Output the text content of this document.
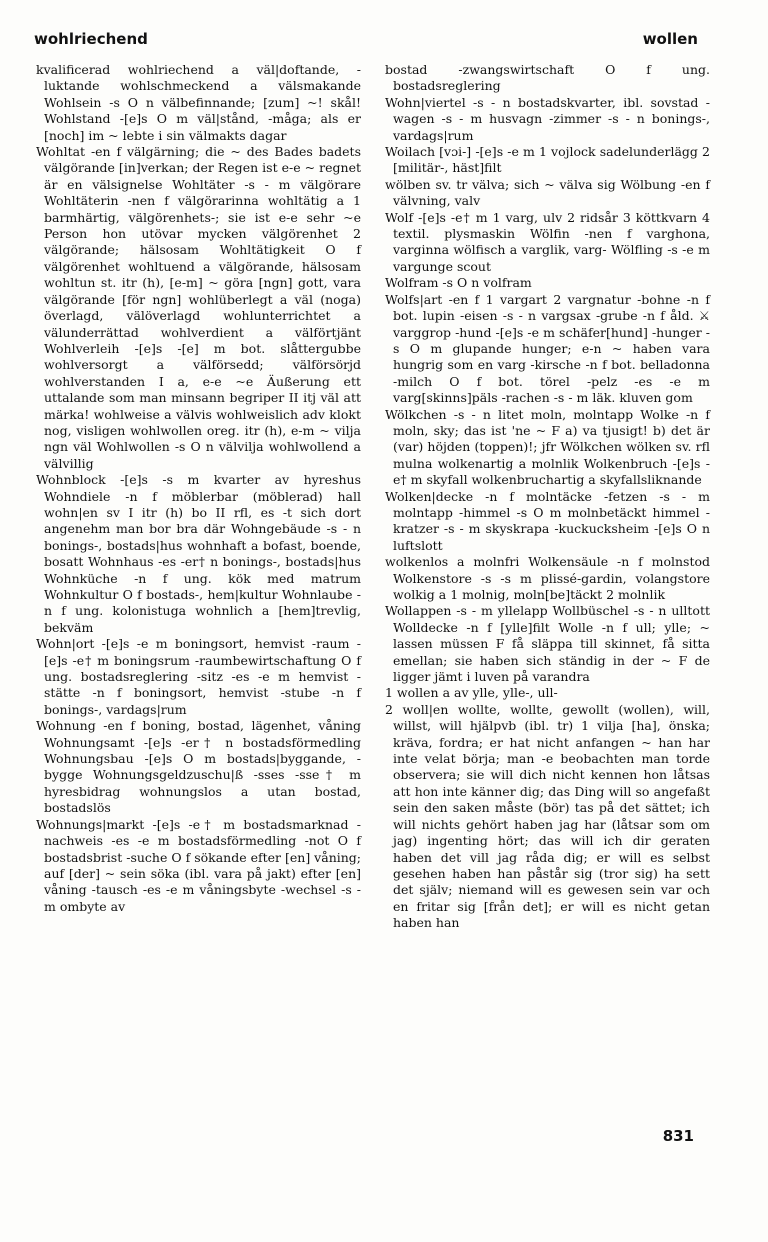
wohlriechend	wollen

kvalificerad wohlriechend a väl|doftande, -luktande wohlschmeckend a välsmakande Wohlsein -s O n välbefinnande; [zum] ~! skål! Wohlstand -[e]s O m väl|stånd, -måga; als er [noch] im ~ lebte i sin välmakts dagar

Wohltat -en f välgärning; die ~ des Bades badets välgörande [in]verkan; der Regen ist e-e ~ regnet är en välsignelse Wohltäter -s - m välgörare Wohltäterin -nen f välgörarinna wohltätig a 1 barmhärtig, välgörenhets-; sie ist e-e sehr ~e Person hon utövar mycken välgörenhet 2 välgörande; hälsosam Wohltätigkeit O f välgörenhet wohltuend a välgörande, hälsosam wohltun st. itr (h), [e-m] ~ göra [ngn] gott, vara välgörande [för ngn] wohlüberlegt a väl (noga) överlagd, välöverlagd wohlunterrichtet a välunderrättad wohlverdient a välförtjänt Wohlverleih -[e]s -[e] m bot. slåttergubbe wohlversorgt a välförsedd; välförsörjd wohlverstanden I a, e-e ~e Äußerung ett uttalande som man minsann begriper II itj väl att märka! wohlweise a välvis wohlweislich adv klokt nog, visligen wohlwollen oreg. itr (h), e-m ~ vilja ngn väl Wohlwollen -s O n välvilja wohlwollend a välvillig

Wohnblock -[e]s -s m kvarter av hyreshus Wohndiele -n f möblerbar (möblerad) hall wohn|en sv I itr (h) bo II rfl, es -t sich dort angenehm man bor bra där Wohngebäude -s - n bonings-, bostads|hus wohnhaft a bofast, boende, bosatt Wohnhaus -es -er† n bonings-, bostads|hus Wohnküche -n f ung. kök med matrum Wohnkultur O f bostads-, hem|kultur Wohnlaube -n f ung. kolonistuga wohnlich a [hem]trevlig, bekväm

Wohn|ort -[e]s -e m boningsort, hemvist -raum -[e]s -e† m boningsrum -raumbewirtschaftung O f ung. bostadsreglering -sitz -es -e m hemvist -stätte -n f boningsort, hemvist -stube -n f bonings-, vardags|rum

Wohnung -en f boning, bostad, lägenhet, våning Wohnungsamt -[e]s -er† n bostadsförmedling Wohnungsbau -[e]s O m bostads|byggande, -bygge Wohnungsgeldzuschu|ß -sses -sse† m hyresbidrag wohnungslos a utan bostad, bostadslös

Wohnungs|markt -[e]s -e† m bostadsmarknad -nachweis -es -e m bostadsförmedling -not O f bostadsbrist -suche O f sökande efter [en] våning; auf [der] ~ sein söka (ibl. vara på jakt) efter [en] våning -tausch -es -e m våningsbyte -wechsel -s - m ombyte av

bostad -zwangswirtschaft O f ung. bostadsreglering

Wohn|viertel -s - n bostadskvarter, ibl. sovstad -wagen -s - m husvagn -zimmer -s - n bonings-, vardags|rum

Woilach [vɔi-] -[e]s -e m 1 vojlock sadelunderlägg 2 [militär-, häst]filt

wölben sv. tr välva; sich ~ välva sig Wölbung -en f välvning, valv

Wolf -[e]s -e† m 1 varg, ulv 2 ridsår 3 köttkvarn 4 textil. plysmaskin Wölfin -nen f varghona, varginna wölfisch a varglik, varg- Wölfling -s -e m vargunge scout

Wolfram -s O n volfram

Wolfs|art -en f 1 vargart 2 vargnatur -bohne -n f bot. lupin -eisen -s - n vargsax -grube -n f åld. ⚔ varggrop -hund -[e]s -e m schäfer[hund] -hunger -s O m glupande hunger; e-n ~ haben vara hungrig som en varg -kirsche -n f bot. belladonna -milch O f bot. törel -pelz -es -e m varg[skinns]päls -rachen -s - m läk. kluven gom

Wölkchen -s - n litet moln, molntapp Wolke -n f moln, sky; das ist 'ne ~ F a) va tjusigt! b) det är (var) höjden (toppen)!; jfr Wölkchen wölken sv. rfl mulna wolkenartig a molnlik Wolkenbruch -[e]s -e† m skyfall wolkenbruchartig a skyfallsliknande

Wolken|decke -n f molntäcke -fetzen -s - m molntapp -himmel -s O m molnbetäckt himmel -kratzer -s - m skyskrapa -kuckucksheim -[e]s O n luftslott

wolkenlos a molnfri Wolkensäule -n f molnstod Wolkenstore -s -s m plissé-gardin, volangstore wolkig a 1 molnig, moln[be]täckt 2 molnlik

Wollappen -s - m yllelapp Wollbüschel -s - n ulltott Wolldecke -n f [ylle]filt Wolle -n f ull; ylle; ~ lassen müssen F få släppa till skinnet, få sitta emellan; sie haben sich ständig in der ~ F de ligger jämt i luven på varandra

1 wollen a av ylle, ylle-, ull-

2 woll|en wollte, wollte, gewollt (wollen), will, willst, will hjälpvb (ibl. tr) 1 vilja [ha], önska; kräva, fordra; er hat nicht anfangen ~ han har inte velat börja; man -e beobachten man torde observera; sie will dich nicht kennen hon låtsas att hon inte känner dig; das Ding will so angefaßt sein den saken måste (bör) tas på det sättet; ich will nichts gehört haben jag har (låtsar som om jag) ingenting hört; das will ich dir geraten haben det vill jag råda dig; er will es selbst gesehen haben han påstår sig (tror sig) ha sett det själv; niemand will es gewesen sein var och en fritar sig [från det]; er will es nicht getan haben han

831
